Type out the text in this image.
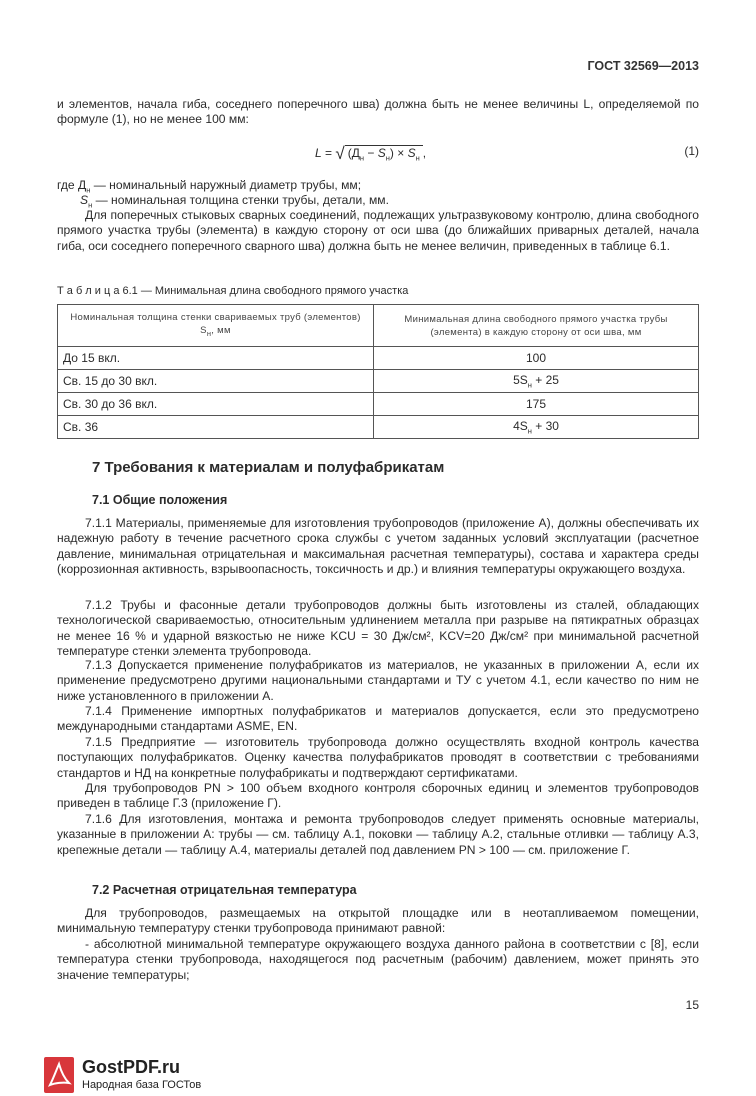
ГОСТ 32569—2013
и элементов, начала гиба, соседнего поперечного шва) должна быть не менее величины L, определяемой по формуле (1), но не менее 100 мм:
L = √ $(Д_н - S_н) \times S_н$ ,	(1)
где $Д_н$ — номинальный наружный диаметр трубы, мм;
$S_н$ — номинальная толщина стенки трубы, детали, мм.
Для поперечных стыковых сварных соединений, подлежащих ультразвуковому контролю, длина свободного прямого участка трубы (элемента) в каждую сторону от оси шва (до ближайших приварных деталей, начала гиба, оси соседнего поперечного сварного шва) должна быть не менее величин, приведенных в таблице 6.1.
Т а б л и ц а 6.1 — Минимальная длина свободного прямого участка
Номинальная толщина стенки свариваемых труб (элементов) $S_н$, мм	Минимальная длина свободного прямого участка трубы (элемента) в каждую сторону от оси шва, мм
До 15 вкл.	100
Св. 15 до 30 вкл.	$5S_н + 25$
Св. 30 до 36 вкл.	175
Св. 36	$4S_н + 30$
7 Требования к материалам и полуфабрикатам
7.1 Общие положения
7.1.1 Материалы, применяемые для изготовления трубопроводов (приложение А), должны обеспечивать их надежную работу в течение расчетного срока службы с учетом заданных условий эксплуатации (расчетное давление, минимальная отрицательная и максимальная расчетная температуры), состава и характера среды (коррозионная активность, взрывоопасность, токсичность и др.) и влияния температуры окружающего воздуха.
7.1.2 Трубы и фасонные детали трубопроводов должны быть изготовлены из сталей, обладающих технологической свариваемостью, относительным удлинением металла при разрыве на пятикратных образцах не менее 16 % и ударной вязкостью не ниже KCU = 30 Дж/см², KCV=20 Дж/см² при минимальной расчетной температуре стенки элемента трубопровода.
7.1.3 Допускается применение полуфабрикатов из материалов, не указанных в приложении А, если их применение предусмотрено другими национальными стандартами и ТУ с учетом 4.1, если качество по ним не ниже установленного в приложении А.
7.1.4 Применение импортных полуфабрикатов и материалов допускается, если это предусмотрено международными стандартами ASME, EN.
7.1.5 Предприятие — изготовитель трубопровода должно осуществлять входной контроль качества поступающих полуфабрикатов. Оценку качества полуфабрикатов проводят в соответствии с требованиями стандартов и НД на конкретные полуфабрикаты и подтверждают сертификатами.
Для трубопроводов PN > 100 объем входного контроля сборочных единиц и элементов трубопроводов приведен в таблице Г.3 (приложение Г).
7.1.6 Для изготовления, монтажа и ремонта трубопроводов следует применять основные материалы, указанные в приложении А: трубы — см. таблицу А.1, поковки — таблицу А.2, стальные отливки — таблицу А.3, крепежные детали — таблицу А.4, материалы деталей под давлением PN > 100 — см. приложение Г.
7.2 Расчетная отрицательная температура
Для трубопроводов, размещаемых на открытой площадке или в неотапливаемом помещении, минимальную температуру стенки трубопровода принимают равной:
- абсолютной минимальной температуре окружающего воздуха данного района в соответствии с [8], если температура стенки трубопровода, находящегося под расчетным (рабочим) давлением, может принять это значение температуры;
15
GostPDF.ru
Народная база ГОСТов
